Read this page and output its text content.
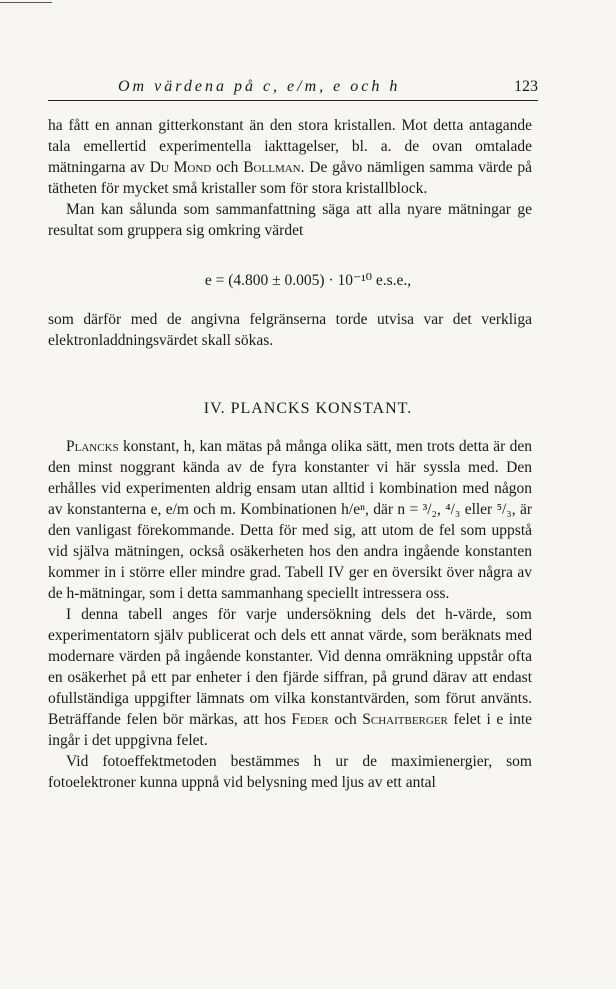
Om värdena på c, e/m, e och h	123

ha fått en annan gitterkonstant än den stora kristallen. Mot detta antagande tala emellertid experimentella iakttagelser, bl. a. de ovan omtalade mätningarna av Du Mond och Bollman. De gåvo nämligen samma värde på tätheten för mycket små kristaller som för stora kristallblock.

Man kan sålunda som sammanfattning säga att alla nyare mätningar ge resultat som gruppera sig omkring värdet

e = (4.800 ± 0.005) · 10⁻¹⁰ e.s.e.,

som därför med de angivna felgränserna torde utvisa var det verkliga elektronladdningsvärdet skall sökas.

IV. PLANCKS KONSTANT.

Plancks konstant, h, kan mätas på många olika sätt, men trots detta är den den minst noggrant kända av de fyra konstanter vi här syssla med. Den erhålles vid experimenten aldrig ensam utan alltid i kombination med någon av konstanterna e, e/m och m. Kombinationen h/eⁿ, där n = ³/₂, ⁴/₃ eller ⁵/₃, är den vanligast förekommande. Detta för med sig, att utom de fel som uppstå vid själva mätningen, också osäkerheten hos den andra ingående konstanten kommer in i större eller mindre grad. Tabell IV ger en översikt över några av de h-mätningar, som i detta sammanhang speciellt intressera oss.

I denna tabell anges för varje undersökning dels det h-värde, som experimentatorn själv publicerat och dels ett annat värde, som beräknats med modernare värden på ingående konstanter. Vid denna omräkning uppstår ofta en osäkerhet på ett par enheter i den fjärde siffran, på grund därav att endast ofullständiga uppgifter lämnats om vilka konstantvärden, som förut använts. Beträffande felen bör märkas, att hos Feder och Schaitberger felet i e inte ingår i det uppgivna felet.

Vid fotoeffektmetoden bestämmes h ur de maximienergier, som fotoelektroner kunna uppnå vid belysning med ljus av ett antal
